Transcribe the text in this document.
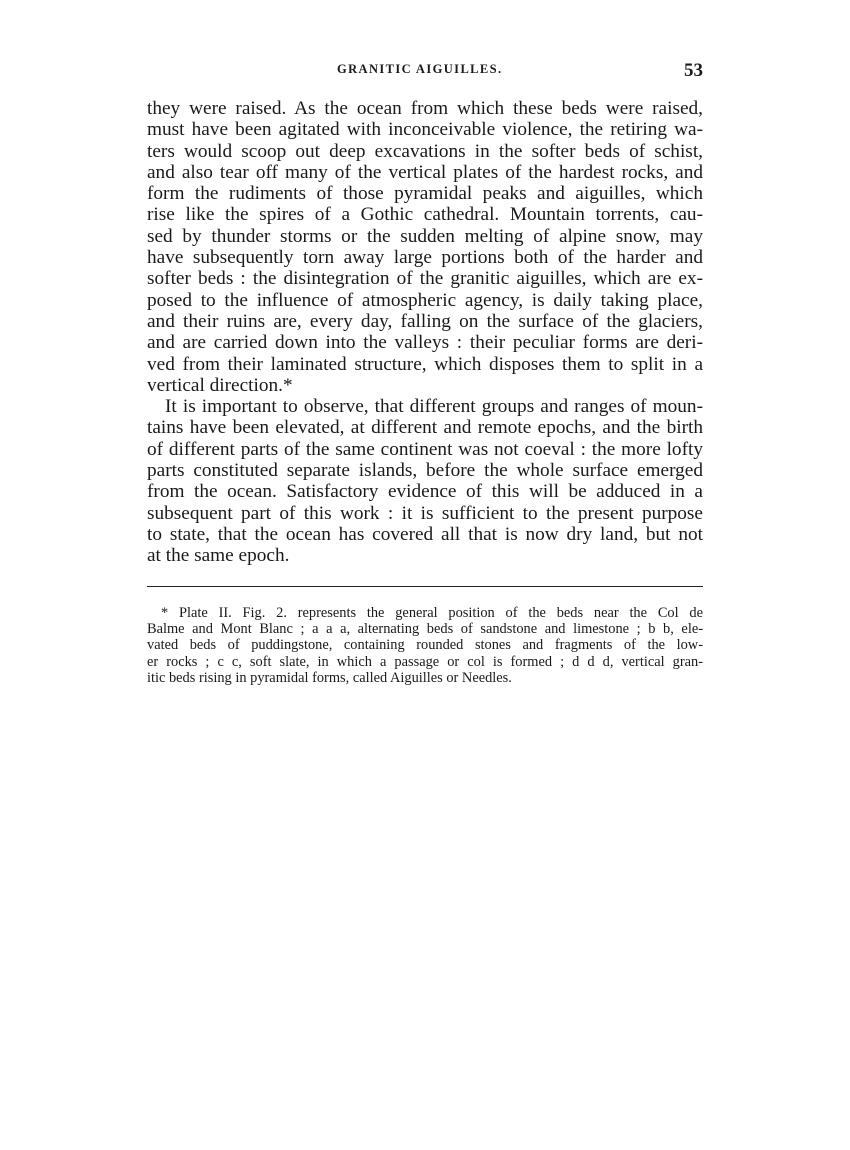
GRANITIC AIGUILLES.	53
they were raised. As the ocean from which these beds were raised,
must have been agitated with inconceivable violence, the retiring wa-
ters would scoop out deep excavations in the softer beds of schist,
and also tear off many of the vertical plates of the hardest rocks, and
form the rudiments of those pyramidal peaks and aiguilles, which
rise like the spires of a Gothic cathedral. Mountain torrents, cau-
sed by thunder storms or the sudden melting of alpine snow, may
have subsequently torn away large portions both of the harder and
softer beds : the disintegration of the granitic aiguilles, which are ex-
posed to the influence of atmospheric agency, is daily taking place,
and their ruins are, every day, falling on the surface of the glaciers,
and are carried down into the valleys : their peculiar forms are deri-
ved from their laminated structure, which disposes them to split in a
vertical direction.*
It is important to observe, that different groups and ranges of moun-
tains have been elevated, at different and remote epochs, and the birth
of different parts of the same continent was not coeval : the more lofty
parts constituted separate islands, before the whole surface emerged
from the ocean. Satisfactory evidence of this will be adduced in a
subsequent part of this work : it is sufficient to the present purpose
to state, that the ocean has covered all that is now dry land, but not
at the same epoch.
* Plate II. Fig. 2. represents the general position of the beds near the Col de
Balme and Mont Blanc ; a a a, alternating beds of sandstone and limestone ; b b, ele-
vated beds of puddingstone, containing rounded stones and fragments of the low-
er rocks ; c c, soft slate, in which a passage or col is formed ; d d d, vertical gran-
itic beds rising in pyramidal forms, called Aiguilles or Needles.
